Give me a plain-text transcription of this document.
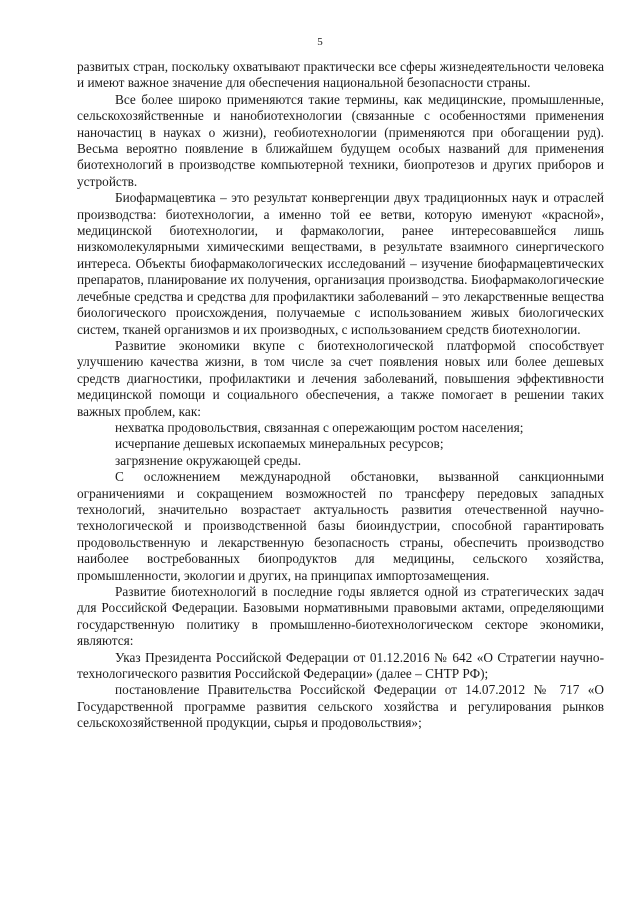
5

развитых стран, поскольку охватывают практически все сферы жизнедеятельности человека и имеют важное значение для обеспечения национальной безопасности страны.

Все более широко применяются такие термины, как медицинские, промышленные, сельскохозяйственные и нанобиотехнологии (связанные с особенностями применения наночастиц в науках о жизни), геобиотехнологии (применяются при обогащении руд). Весьма вероятно появление в ближайшем будущем особых названий для применения биотехнологий в производстве компьютерной техники, биопротезов и других приборов и устройств.

Биофармацевтика – это результат конвергенции двух традиционных наук и отраслей производства: биотехнологии, а именно той ее ветви, которую именуют «красной», медицинской биотехнологии, и фармакологии, ранее интересовавшейся лишь низкомолекулярными химическими веществами, в результате взаимного синергического интереса. Объекты биофармакологических исследований – изучение биофармацевтических препаратов, планирование их получения, организация производства. Биофармакологические лечебные средства и средства для профилактики заболеваний – это лекарственные вещества биологического происхождения, получаемые с использованием живых биологических систем, тканей организмов и их производных, с использованием средств биотехнологии.

Развитие экономики вкупе с биотехнологической платформой способствует улучшению качества жизни, в том числе за счет появления новых или более дешевых средств диагностики, профилактики и лечения заболеваний, повышения эффективности медицинской помощи и социального обеспечения, а также помогает в решении таких важных проблем, как:

нехватка продовольствия, связанная с опережающим ростом населения;

исчерпание дешевых ископаемых минеральных ресурсов;

загрязнение окружающей среды.

С осложнением международной обстановки, вызванной санкционными ограничениями и сокращением возможностей по трансферу передовых западных технологий, значительно возрастает актуальность развития отечественной научно-технологической и производственной базы биоиндустрии, способной гарантировать продовольственную и лекарственную безопасность страны, обеспечить производство наиболее востребованных биопродуктов для медицины, сельского хозяйства, промышленности, экологии и других, на принципах импортозамещения.

Развитие биотехнологий в последние годы является одной из стратегических задач для Российской Федерации. Базовыми нормативными правовыми актами, определяющими государственную политику в промышленно-биотехнологическом секторе экономики, являются:

Указ Президента Российской Федерации от 01.12.2016 № 642 «О Стратегии научно-технологического развития Российской Федерации» (далее – СНТР РФ);

постановление Правительства Российской Федерации от 14.07.2012 № 717 «О Государственной программе развития сельского хозяйства и регулирования рынков сельскохозяйственной продукции, сырья и продовольствия»;
